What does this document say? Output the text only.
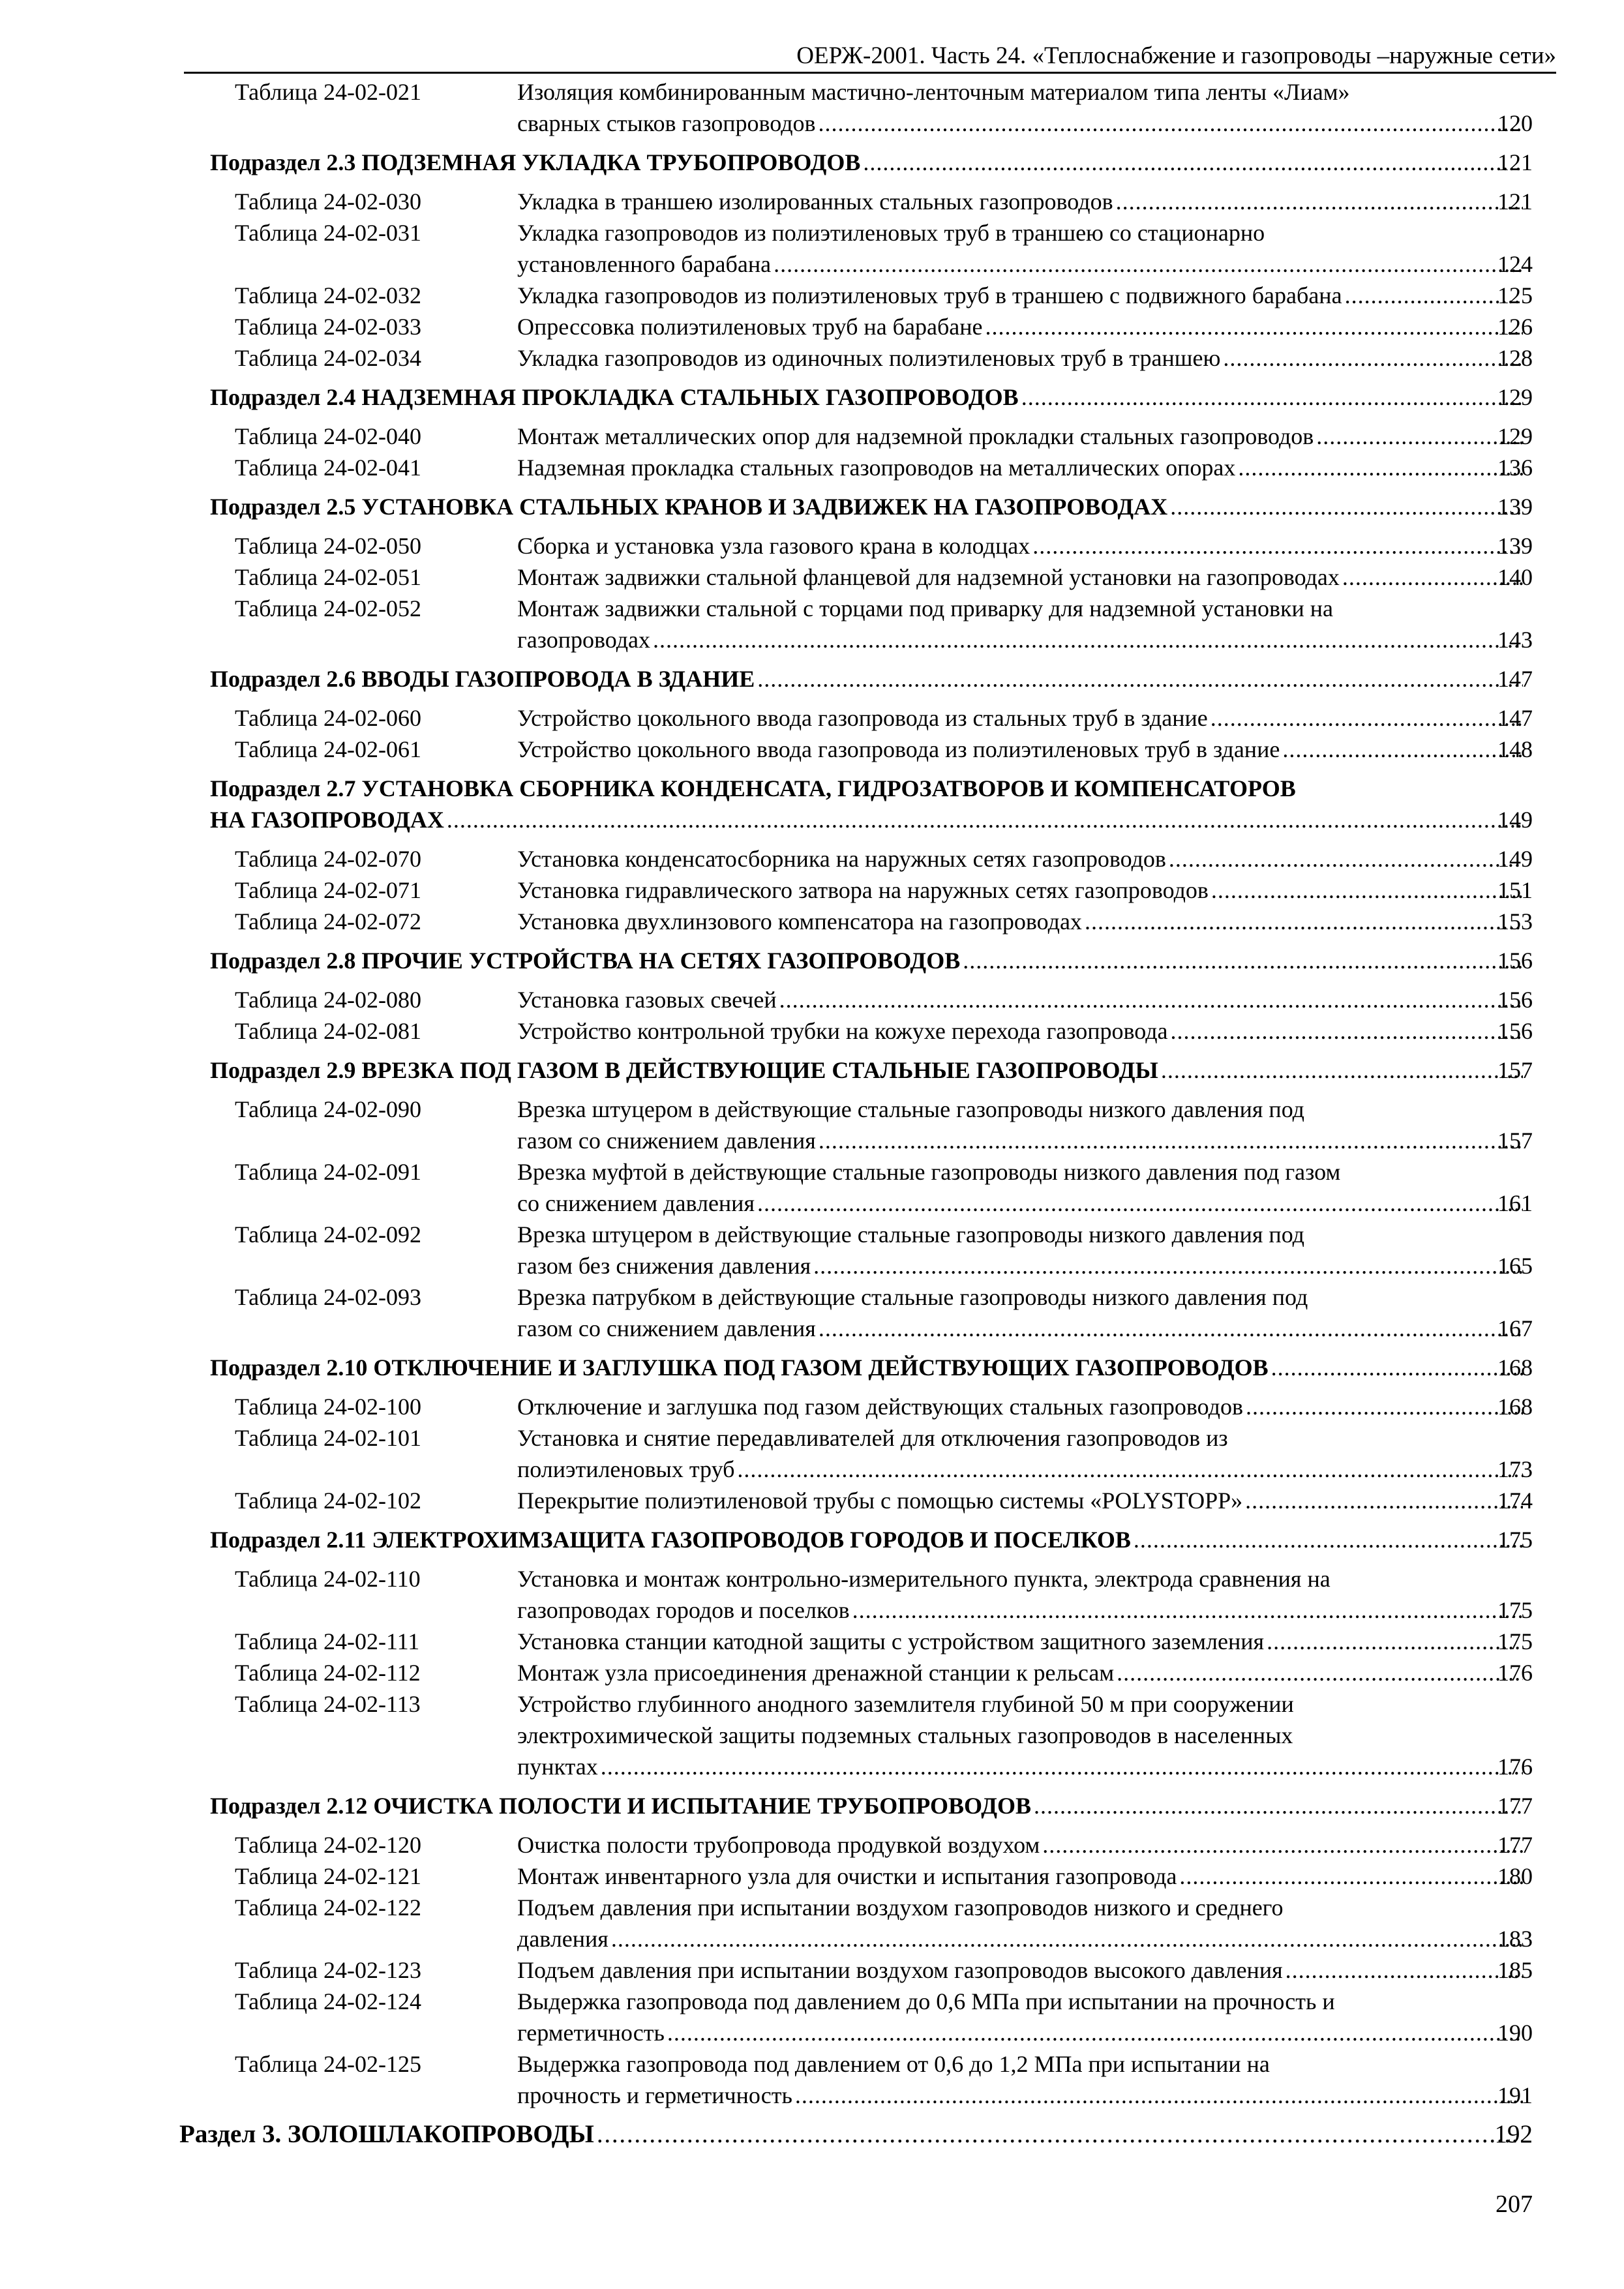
ОЕРЖ-2001. Часть 24. «Теплоснабжение и газопроводы –наружные сети»
Таблица 24-02-021	Изоляция комбинированным мастично-ленточным материалом типа ленты «Лиам»
сварных стыков газопроводов . . .	120
Подраздел 2.3 ПОДЗЕМНАЯ УКЛАДКА ТРУБОПРОВОДОВ . . .	121
Таблица 24-02-030	Укладка в траншею изолированных стальных газопроводов . . .	121
Таблица 24-02-031	Укладка газопроводов из полиэтиленовых труб в траншею со стационарно
установленного барабана . . .	124
Таблица 24-02-032	Укладка газопроводов из полиэтиленовых труб в траншею с подвижного барабана . . .	125
Таблица 24-02-033	Опрессовка полиэтиленовых труб на барабане . . .	126
Таблица 24-02-034	Укладка газопроводов из одиночных полиэтиленовых труб в траншею . . .	128
Подраздел 2.4 НАДЗЕМНАЯ ПРОКЛАДКА СТАЛЬНЫХ ГАЗОПРОВОДОВ . . .	129
Таблица 24-02-040	Монтаж металлических опор для надземной прокладки стальных газопроводов . . .	129
Таблица 24-02-041	Надземная прокладка стальных газопроводов на металлических опорах . . .	136
Подраздел 2.5 УСТАНОВКА СТАЛЬНЫХ КРАНОВ И ЗАДВИЖЕК НА ГАЗОПРОВОДАХ . . .	139
Таблица 24-02-050	Сборка и установка узла газового крана в колодцах . . .	139
Таблица 24-02-051	Монтаж задвижки стальной фланцевой для надземной установки на газопроводах . . .	140
Таблица 24-02-052	Монтаж задвижки стальной с торцами под приварку для надземной установки на
газопроводах . . .	143
Подраздел 2.6 ВВОДЫ ГАЗОПРОВОДА В ЗДАНИЕ . . .	147
Таблица 24-02-060	Устройство цокольного ввода газопровода из стальных труб в здание . . .	147
Таблица 24-02-061	Устройство цокольного ввода газопровода из полиэтиленовых труб в здание . . .	148
Подраздел 2.7 УСТАНОВКА СБОРНИКА КОНДЕНСАТА, ГИДРОЗАТВОРОВ И КОМПЕНСАТОРОВ
НА ГАЗОПРОВОДАХ . . .	149
Таблица 24-02-070	Установка конденсатосборника на наружных сетях газопроводов . . .	149
Таблица 24-02-071	Установка гидравлического затвора на наружных сетях газопроводов . . .	151
Таблица 24-02-072	Установка двухлинзового компенсатора на газопроводах . . .	153
Подраздел 2.8 ПРОЧИЕ УСТРОЙСТВА НА СЕТЯХ ГАЗОПРОВОДОВ . . .	156
Таблица 24-02-080	Установка газовых свечей . . .	156
Таблица 24-02-081	Устройство контрольной трубки на кожухе перехода газопровода . . .	156
Подраздел 2.9 ВРЕЗКА ПОД ГАЗОМ В ДЕЙСТВУЮЩИЕ СТАЛЬНЫЕ ГАЗОПРОВОДЫ . . .	157
Таблица 24-02-090	Врезка штуцером в действующие стальные газопроводы низкого давления под
газом со снижением давления . . .	157
Таблица 24-02-091	Врезка муфтой в действующие стальные газопроводы низкого давления под газом
со снижением давления . . .	161
Таблица 24-02-092	Врезка штуцером в действующие стальные газопроводы низкого давления под
газом без снижения давления . . .	165
Таблица 24-02-093	Врезка патрубком в действующие стальные газопроводы низкого давления под
газом со снижением давления . . .	167
Подраздел 2.10 ОТКЛЮЧЕНИЕ И ЗАГЛУШКА ПОД ГАЗОМ ДЕЙСТВУЮЩИХ ГАЗОПРОВОДОВ . . .	168
Таблица 24-02-100	Отключение и заглушка под газом действующих стальных газопроводов . . .	168
Таблица 24-02-101	Установка и снятие передавливателей для отключения газопроводов из
полиэтиленовых труб . . .	173
Таблица 24-02-102	Перекрытие полиэтиленовой трубы с помощью системы «POLYSTOPP» . . .	174
Подраздел 2.11 ЭЛЕКТРОХИМЗАЩИТА ГАЗОПРОВОДОВ ГОРОДОВ И ПОСЕЛКОВ . . .	175
Таблица 24-02-110	Установка и монтаж контрольно-измерительного пункта, электрода сравнения на
газопроводах городов и поселков . . .	175
Таблица 24-02-111	Установка станции катодной защиты с устройством защитного заземления . . .	175
Таблица 24-02-112	Монтаж узла присоединения дренажной станции к рельсам . . .	176
Таблица 24-02-113	Устройство глубинного анодного заземлителя глубиной 50 м при сооружении
электрохимической защиты подземных стальных газопроводов в населенных
пунктах . . .	176
Подраздел 2.12 ОЧИСТКА ПОЛОСТИ И ИСПЫТАНИЕ ТРУБОПРОВОДОВ . . .	177
Таблица 24-02-120	Очистка полости трубопровода продувкой воздухом . . .	177
Таблица 24-02-121	Монтаж инвентарного узла для очистки и испытания газопровода . . .	180
Таблица 24-02-122	Подъем давления при испытании воздухом газопроводов низкого и среднего
давления . . .	183
Таблица 24-02-123	Подъем давления при испытании воздухом газопроводов высокого давления . . .	185
Таблица 24-02-124	Выдержка газопровода под давлением до 0,6 МПа при испытании на прочность и
герметичность . . .	190
Таблица 24-02-125	Выдержка газопровода под давлением от 0,6 до 1,2 МПа при испытании на
прочность и герметичность . . .	191
Раздел 3. ЗОЛОШЛАКОПРОВОДЫ . . .	192
207
